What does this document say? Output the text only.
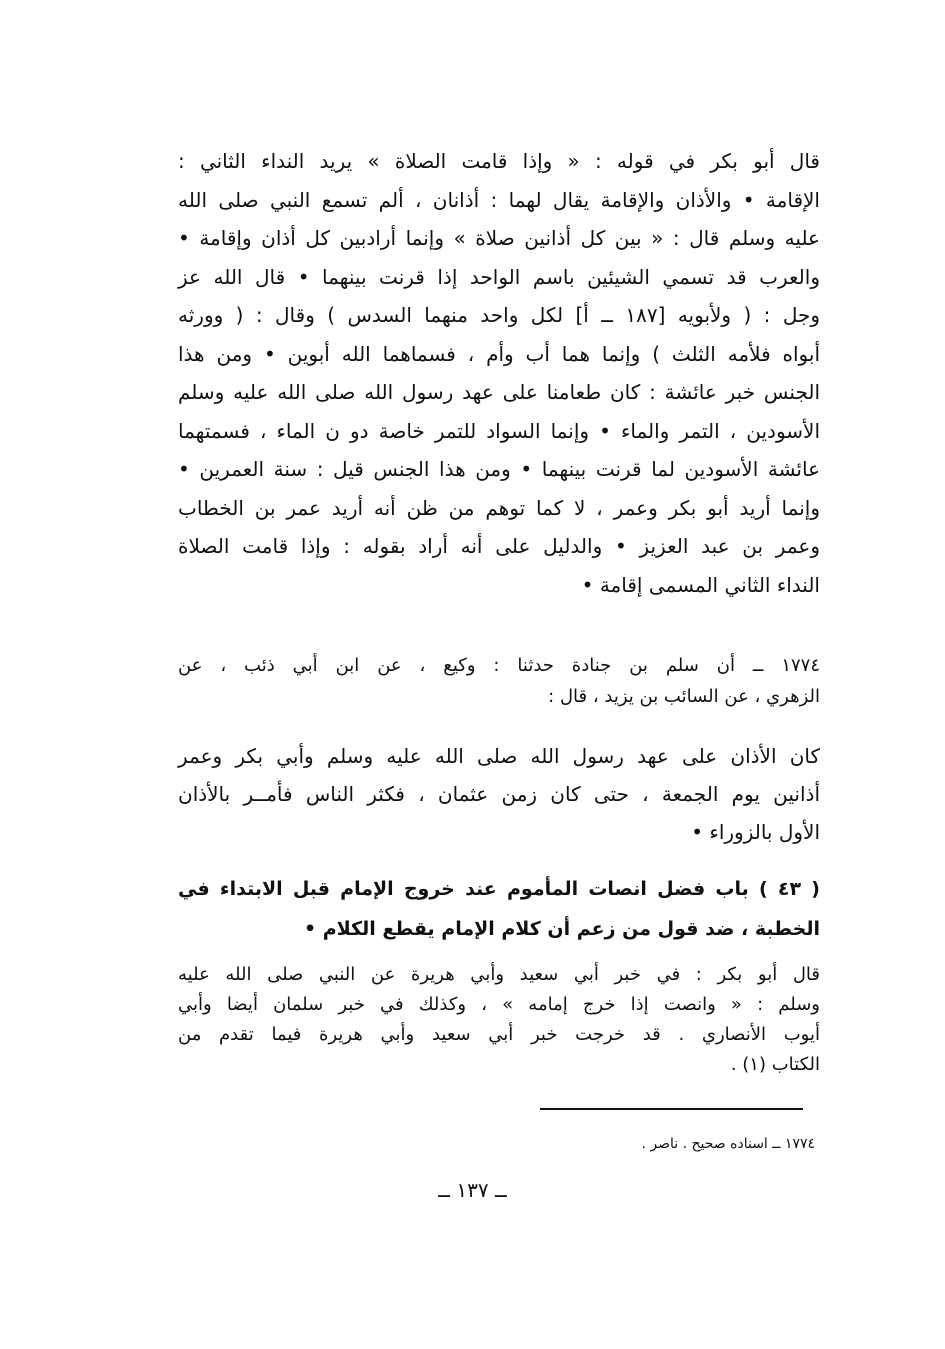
قال أبو بكر في قوله : « وإذا قامت الصلاة » يريد النداء الثاني :
الإقامة • والأذان والإقامة يقال لهما : أذانان ، ألم تسمع النبي صلى الله
عليه وسلم قال : « بين كل أذانين صلاة » وإنما أرادبين كل أذان وإقامة •
والعرب قد تسمي الشيئين باسم الواحد إذا قرنت بينهما • قال الله عز
وجل : ( ولأبويه [١٨٧ ــ أ] لكل واحد منهما السدس ) وقال : ( وورثه
أبواه فلأمه الثلث ) وإنما هما أب وأم ، فسماهما الله أبوين • ومن هذا
الجنس خبر عائشة : كان طعامنا على عهد رسول الله صلى الله عليه وسلم
الأسودين ، التمر والماء • وإنما السواد للتمر خاصة دو ن الماء ، فسمتهما
عائشة الأسودين لما قرنت بينهما • ومن هذا الجنس قيل : سنة العمرين •
وإنما أريد أبو بكر وعمر ، لا كما توهم من ظن أنه أريد عمر بن الخطاب
وعمر بن عبد العزيز • والدليل على أنه أراد بقوله : وإذا قامت الصلاة
النداء الثاني المسمى إقامة •
١٧٧٤ ــ أن سلم بن جنادة حدثنا : وكيع ، عن ابن أبي ذئب ، عن
الزهري ، عن السائب بن يزيد ، قال :
كان الأذان على عهد رسول الله صلى الله عليه وسلم وأبي بكر وعمر
أذانين يوم الجمعة ، حتى كان زمن عثمان ، فكثر الناس فأمــر بالأذان
الأول بالزوراء •
( ٤٣ ) باب فضل انصات المأموم عند خروج الإمام قبل الابتداء في
الخطبة ، ضد قول من زعم أن كلام الإمام يقطع الكلام •
قال أبو بكر : في خبر أبي سعيد وأبي هريرة عن النبي صلى الله عليه
وسلم : « وانصت إذا خرج إمامه » ، وكذلك في خبر سلمان أيضا وأبي
أيوب الأنصاري . قد خرجت خبر أبي سعيد وأبي هريرة فيما تقدم من
الكتاب (١) .
١٧٧٤ ــ اسناده صحيح . ناصر .
ــ ١٣٧ ــ
